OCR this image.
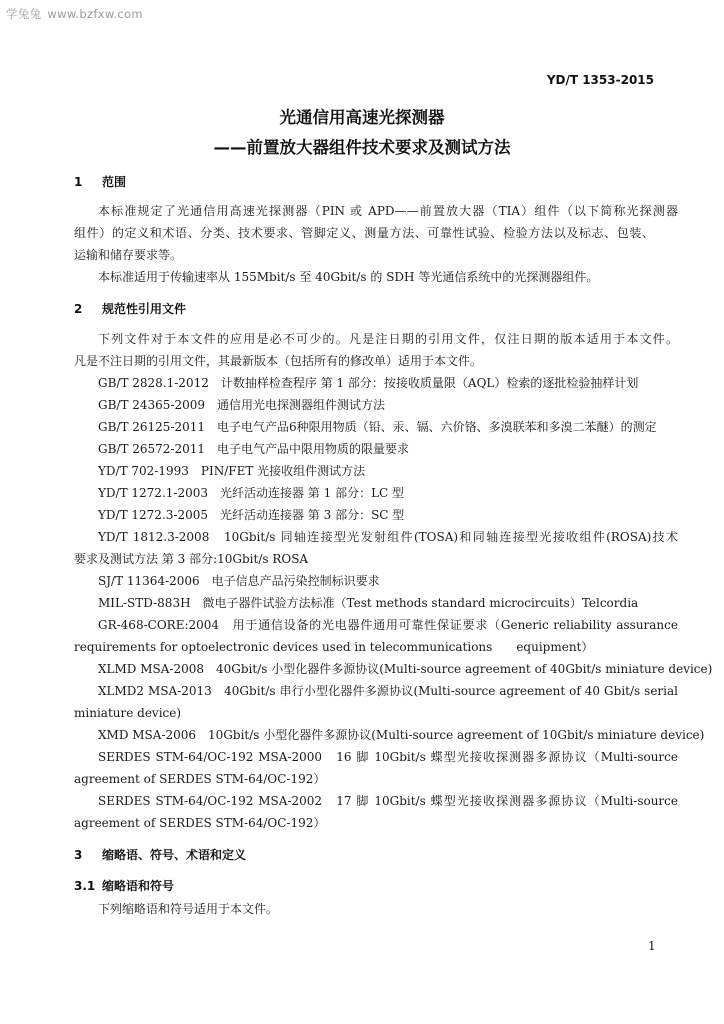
学兔兔 www.bzfxw.com
YD/T 1353-2015
光通信用高速光探测器
——前置放大器组件技术要求及测试方法
1 范围
本标准规定了光通信用高速光探测器（PIN 或 APD——前置放大器（TIA）组件（以下简称光探测器
组件）的定义和术语、分类、技术要求、管脚定义、测量方法、可靠性试验、检验方法以及标志、包装、
运输和储存要求等。
本标准适用于传输速率从 155Mbit/s 至 40Gbit/s 的 SDH 等光通信系统中的光探测器组件。
2 规范性引用文件
下列文件对于本文件的应用是必不可少的。凡是注日期的引用文件，仅注日期的版本适用于本文件。
凡是不注日期的引用文件，其最新版本（包括所有的修改单）适用于本文件。
GB/T 2828.1-2012　计数抽样检查程序 第 1 部分：按接收质量限（AQL）检索的逐批检验抽样计划
GB/T 24365-2009　通信用光电探测器组件测试方法
GB/T 26125-2011　电子电气产品6种限用物质（铅、汞、镉、六价铬、多溴联苯和多溴二苯醚）的测定
GB/T 26572-2011　电子电气产品中限用物质的限量要求
YD/T 702-1993　PIN/FET 光接收组件测试方法
YD/T 1272.1-2003　光纤活动连接器 第 1 部分：LC 型
YD/T 1272.3-2005　光纤活动连接器 第 3 部分：SC 型
YD/T 1812.3-2008　10Gbit/s 同轴连接型光发射组件(TOSA)和同轴连接型光接收组件(ROSA)技术
要求及测试方法 第 3 部分:10Gbit/s ROSA
SJ/T 11364-2006　电子信息产品污染控制标识要求
MIL-STD-883H　微电子器件试验方法标准（Test methods standard microcircuits）Telcordia
GR-468-CORE:2004　用于通信设备的光电器件通用可靠性保证要求（Generic reliability assurance
requirements for optoelectronic devices used in telecommunications　　equipment）
XLMD MSA-2008　40Gbit/s 小型化器件多源协议(Multi-source agreement of 40Gbit/s miniature device)
XLMD2 MSA-2013　40Gbit/s 串行小型化器件多源协议(Multi-source agreement of 40 Gbit/s serial
miniature device)
XMD MSA-2006　10Gbit/s 小型化器件多源协议(Multi-source agreement of 10Gbit/s miniature device)
SERDES STM-64/OC-192 MSA-2000　16 脚 10Gbit/s 蝶型光接收探测器多源协议（Multi-source
agreement of SERDES STM-64/OC-192）
SERDES STM-64/OC-192 MSA-2002　17 脚 10Gbit/s 蝶型光接收探测器多源协议（Multi-source
agreement of SERDES STM-64/OC-192）
3 缩略语、符号、术语和定义
3.1 缩略语和符号
下列缩略语和符号适用于本文件。
1
